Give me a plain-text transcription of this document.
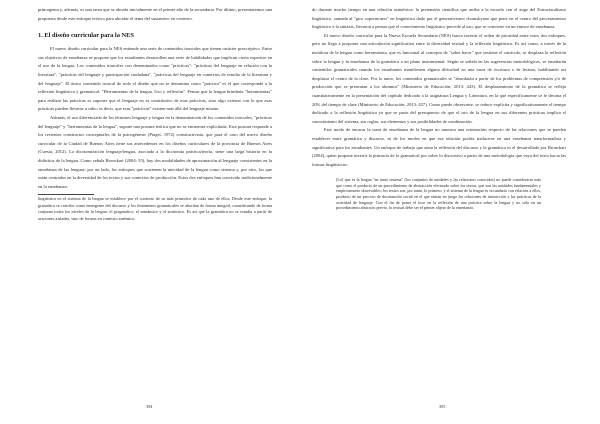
primogenia y, además, es una tarea que se aborda inicialmente en el primer año de la secundaria. Por último, presentaremos una propuesta desde este enfoque teórico para abordar el tema del sustantivo en contexto.

1. El diseño curricular para la NES

El nuevo diseño curricular para la NES entiende una serie de contenidos troncales que tienen carácter prescriptivo. Entre sus objetivos de enseñanza se propone que los estudiantes desarrollen una serie de habilidades que implican cierta expertise en el uso de la lengua. Los contenidos troncales con denominados como "prácticas": "prácticas del lenguaje en relación con la literatura", "prácticas del lenguaje y participación ciudadana", "prácticas del lenguaje en contextos de estudio de la literatura y del lenguaje". El único contenido troncal de todo el diseño que no se denomina como "práctica" es el que corresponde a la reflexión lingüística y gramatical: "Herramientas de la lengua. Uso y reflexión". Pensar que la lengua brindaría "herramientas" para realizar las prácticas es suponer que el lenguaje no es constitutivo de esas prácticas, sino algo externo con lo que esas prácticas pueden llevarse a cabo; es decir, que esas "prácticas" existen más allá del lenguaje mismo.

Además, el uso diferenciado de los términos lenguaje y lengua en la denominación de los contenidos troncales, "prácticas del lenguaje" y "herramientas de la lengua", supone una postura teórica que no se encuentra explicitada. Esta postura responde a los recientes constructos conceptuales de la psicogénesis (Piaget, 1972) constructivista, que para el caso del nuevo diseño curricular de la Ciudad de Buenos Aires tiene sus antecedentes en los diseños curriculares de la provincia de Buenos Aires (Cuesta, 2012). La dicotomización lenguaje/lengua, asociada a la dicotomía práctica/teoría, tiene una larga historia en la didáctica de la lengua. Como señala Bronckart (2004: 55), hay dos modalidades de aproximación al lenguaje coexistentes en la enseñanza de las lenguas: por un lado, los enfoques que sostienen la unicidad de la lengua como sistema y, por otro, los que están centrados en la diversidad de los textos y sus contextos de producción. Estos dos enfoques han convivido tradicionalmente en la enseñanza:

lingüística en el sistema de la lengua se establece por el contexto de su más primitivo de cada uno de ellos. Desde este enfoque, la gramática se concibe como emergente del discurso y los fenómenos gramaticales se abordan de forma integral, considerando de forma conjunta todos los niveles de la lengua: el pragmático, el semántico y el sintáctico. Es así que la gramática no se estudia a partir de oraciones aisladas, sino de formas en contexto auténtico.

394

do durante mucho tiempo en una relación asimétrica: la pretensión científica que arriba a la escuela con el auge del Estructuralismo lingüístico, sumada al "giro copernicano" en lingüística dado por el generativismo chomskyano que pone en el centro del procesamiento lingüístico a la sintaxis, llevaron a pensar que el conocimiento lingüístico precede al uso, que se convierte en un emisor de enseñanza.

El nuevo diseño curricular para la Nueva Escuela Secundaria (NES) busca invertir el orden de prioridad entre estos dos enfoques, pero no llega a proponer una articulación significativa entre la diversidad textual y la reflexión lingüística. Es así como, a través de la metáfora de la lengua como herramienta, que es funcional al concepto de "saber hacer" que sostiene el currículo, se desplaza la reflexión sobre la lengua y la enseñanza de la gramática a un plano instrumental. Según se señala en las sugerencias metodológicas, se enseñarán contenidos gramaticales cuando los estudiantes manifiesten alguna dificultad en una tarea de escritura o de lectura, habilitando así desplazar el centro de la clase. Por lo tanto, los contenidos gramaticales se "abordarán a partir de los problemas de comprensión y/o de producción que se presentan a los alumnos" (Ministerio de Educación, 2013: 443). El desplazamiento de la gramática se refleja cuantitativamente en la presentación del capítulo dedicado a la asignatura Lengua y Literatura, en la que específicamente se le destina el 20% del tiempo de clase (Ministerio de Educación, 2013: 437). Como puede observarse, se reduce explícita y significativamente el tiempo dedicado a la reflexión lingüística ya que se parte del presupuesto de que el uso de la lengua en sus diferentes prácticas implica el conocimiento del sistema, sus reglas, sus elementos y sus posibilidades de combinación.

Este modo de encarar la tarea de enseñanza de la lengua no muestra una orientación respecto de las relaciones que se pueden establecer entre gramática y discurso, ni de los modos en que esa relación podría traducirse en una enseñanza transformadora y significativa para los estudiantes. Un enfoque de trabajo que aúna la reflexión del discurso y la gramática es el desarrollado por Bronckart (2004), quien propone invertir la primacía de lo gramatical por sobre lo discursivo a partir de una metodología que vaya del texto hacia las formas lingüísticas:

[Lo] que es la lengua "en tanto sistema" (los conjuntos de unidades y las relaciones conocidas) no puede considerarse más que como el producto de un procedimiento de abstracción efectuado sobre los textos, que son las unidades fundamentales y empíricamente observables; los textos son, por tanto, lo primero, y el sistema de la lengua es secundario con relación a ellos, producto de un proceso de decantación social en el que entran en juego las relaciones de interacción y las prácticas de la actividad de lenguaje. Con el fin de poner el foco en la reflexión de una práctica sobre la lengua y no sólo en un procedimiento abstracto previo, lo textual debe ser el primer objeto de la enseñanza.

395
